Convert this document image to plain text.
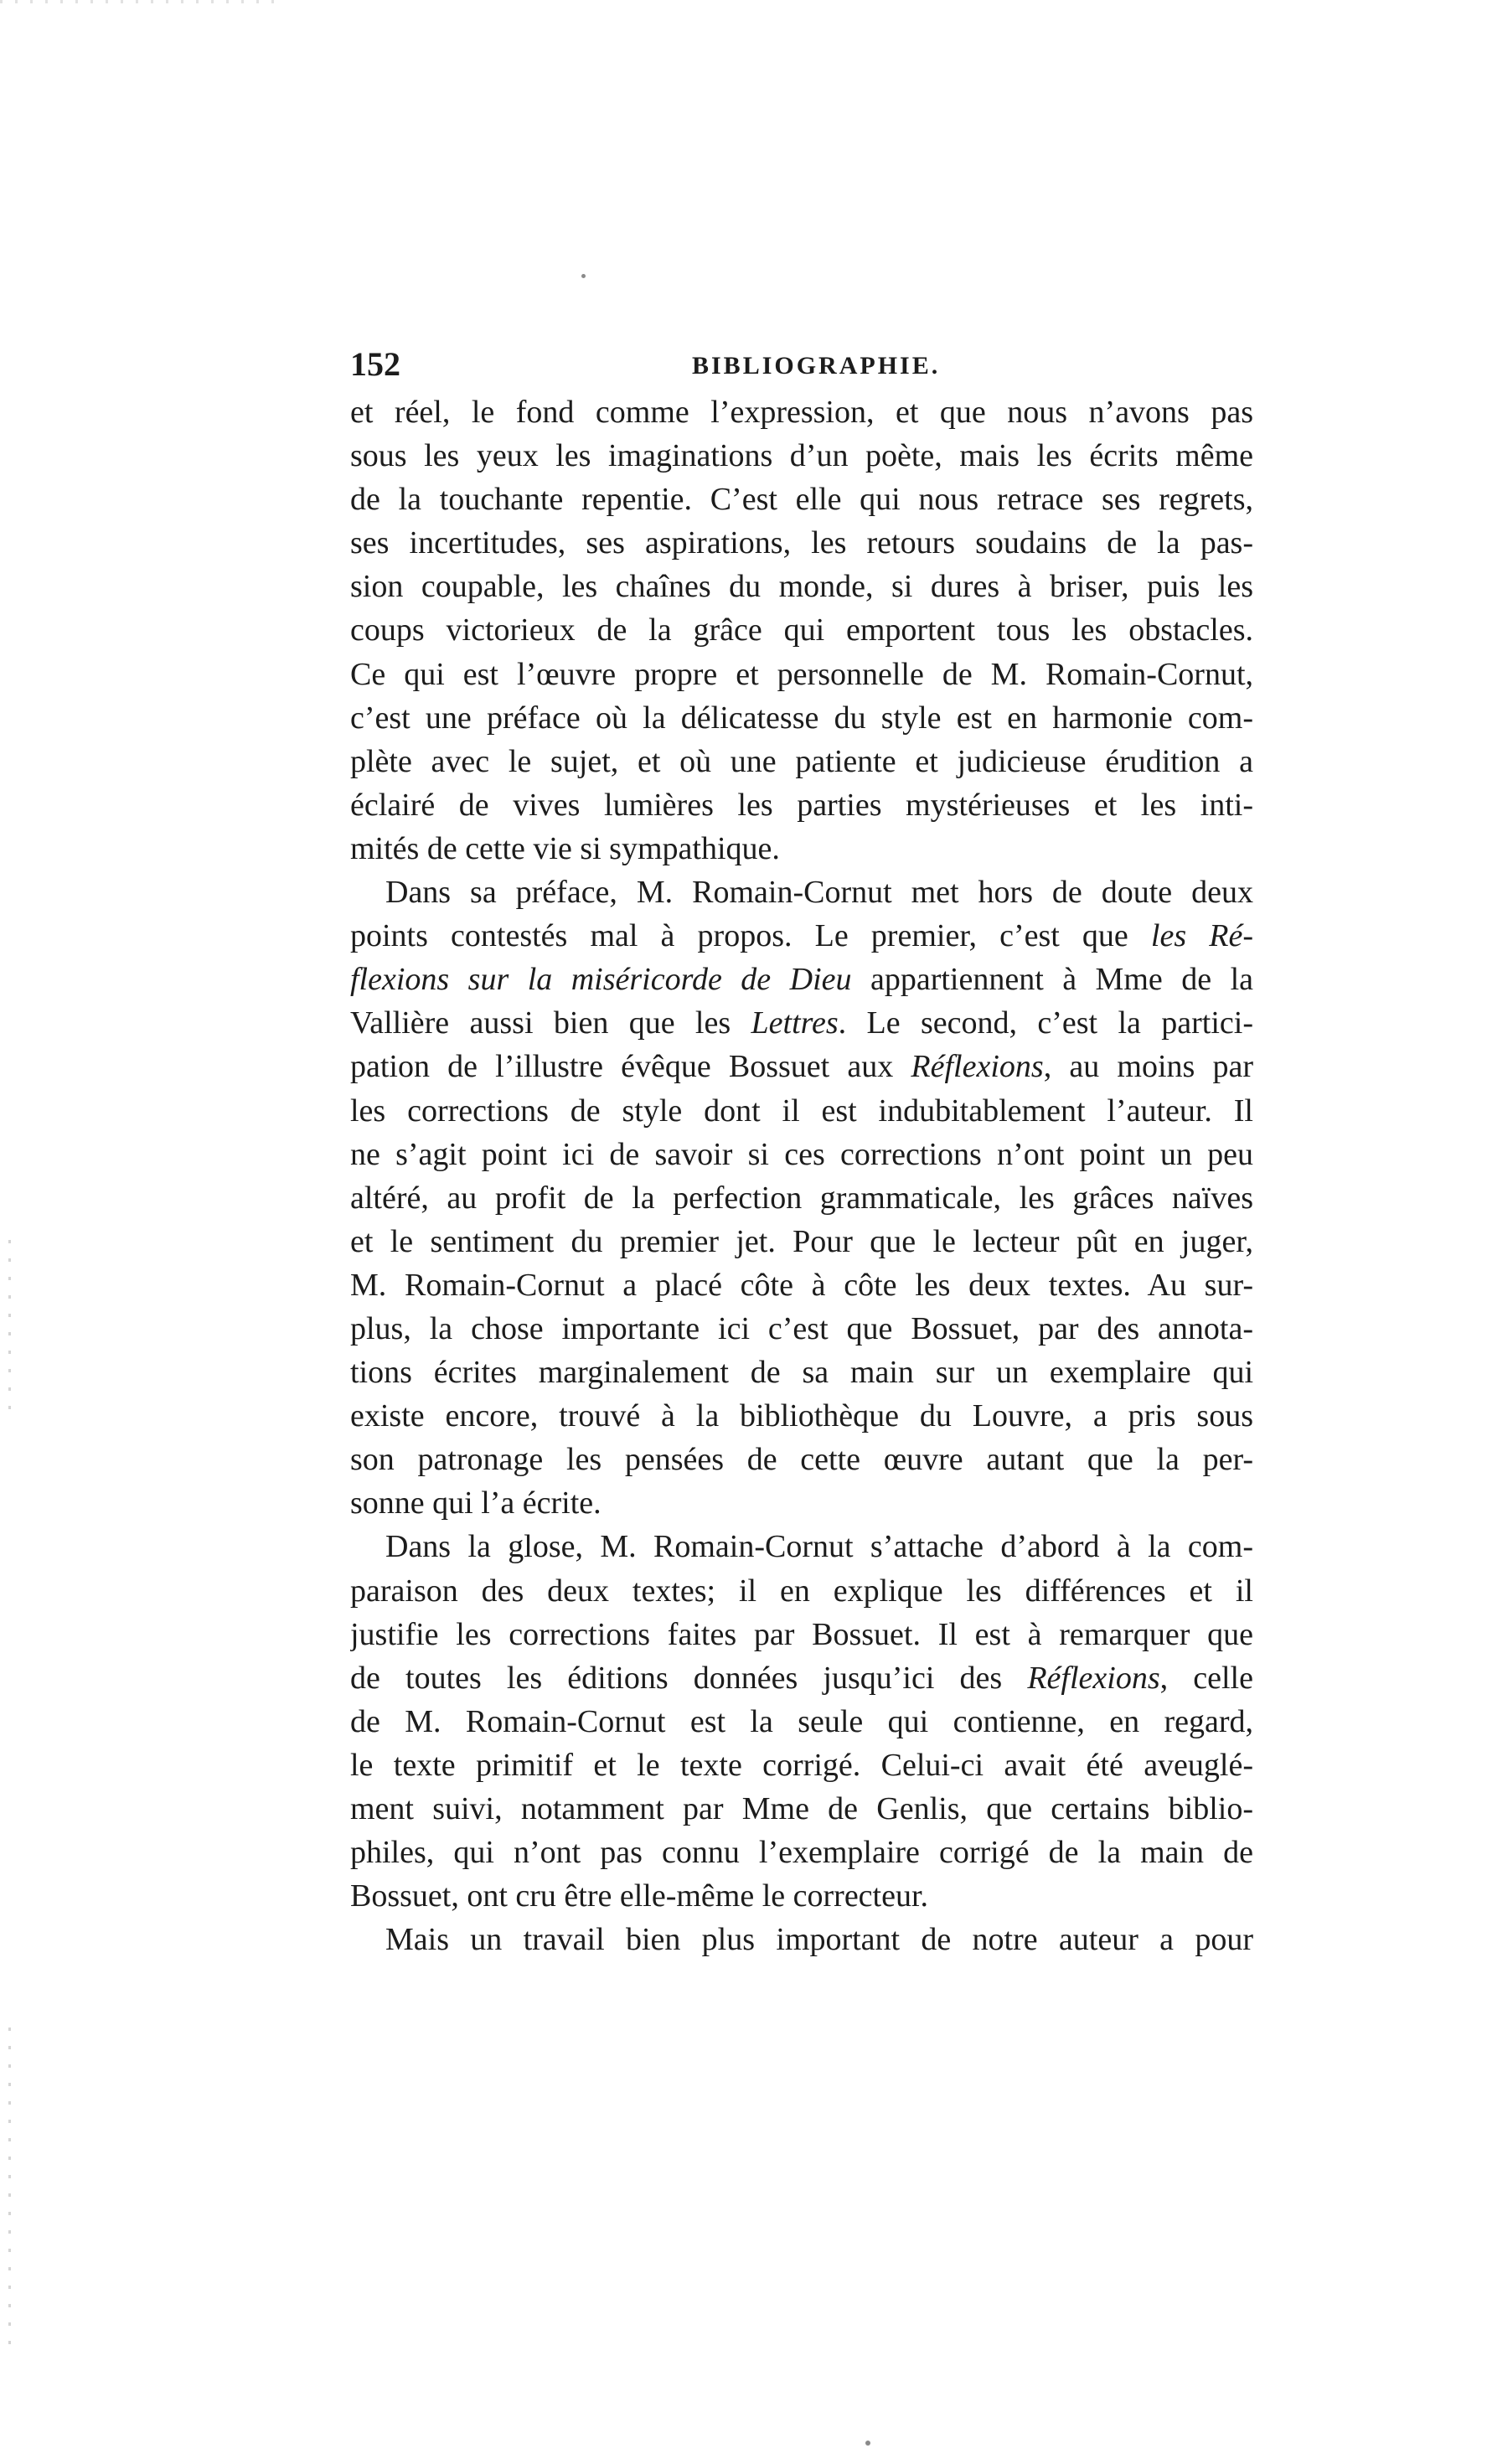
152	BIBLIOGRAPHIE.
et réel, le fond comme l’expression, et que nous n’avons pas
sous les yeux les imaginations d’un poète, mais les écrits même
de la touchante repentie. C’est elle qui nous retrace ses regrets,
ses incertitudes, ses aspirations, les retours soudains de la pas-
sion coupable, les chaînes du monde, si dures à briser, puis les
coups victorieux de la grâce qui emportent tous les obstacles.
Ce qui est l’œuvre propre et personnelle de M. Romain-Cornut,
c’est une préface où la délicatesse du style est en harmonie com-
plète avec le sujet, et où une patiente et judicieuse érudition a
éclairé de vives lumières les parties mystérieuses et les inti-
mités de cette vie si sympathique.
Dans sa préface, M. Romain-Cornut met hors de doute deux
points contestés mal à propos. Le premier, c’est que les Ré-
flexions sur la miséricorde de Dieu appartiennent à Mme de la
Vallière aussi bien que les Lettres. Le second, c’est la partici-
pation de l’illustre évêque Bossuet aux Réflexions, au moins par
les corrections de style dont il est indubitablement l’auteur. Il
ne s’agit point ici de savoir si ces corrections n’ont point un peu
altéré, au profit de la perfection grammaticale, les grâces naïves
et le sentiment du premier jet. Pour que le lecteur pût en juger,
M. Romain-Cornut a placé côte à côte les deux textes. Au sur-
plus, la chose importante ici c’est que Bossuet, par des annota-
tions écrites marginalement de sa main sur un exemplaire qui
existe encore, trouvé à la bibliothèque du Louvre, a pris sous
son patronage les pensées de cette œuvre autant que la per-
sonne qui l’a écrite.
Dans la glose, M. Romain-Cornut s’attache d’abord à la com-
paraison des deux textes; il en explique les différences et il
justifie les corrections faites par Bossuet. Il est à remarquer que
de toutes les éditions données jusqu’ici des Réflexions, celle
de M. Romain-Cornut est la seule qui contienne, en regard,
le texte primitif et le texte corrigé. Celui-ci avait été aveuglé-
ment suivi, notamment par Mme de Genlis, que certains biblio-
philes, qui n’ont pas connu l’exemplaire corrigé de la main de
Bossuet, ont cru être elle-même le correcteur.
Mais un travail bien plus important de notre auteur a pour
